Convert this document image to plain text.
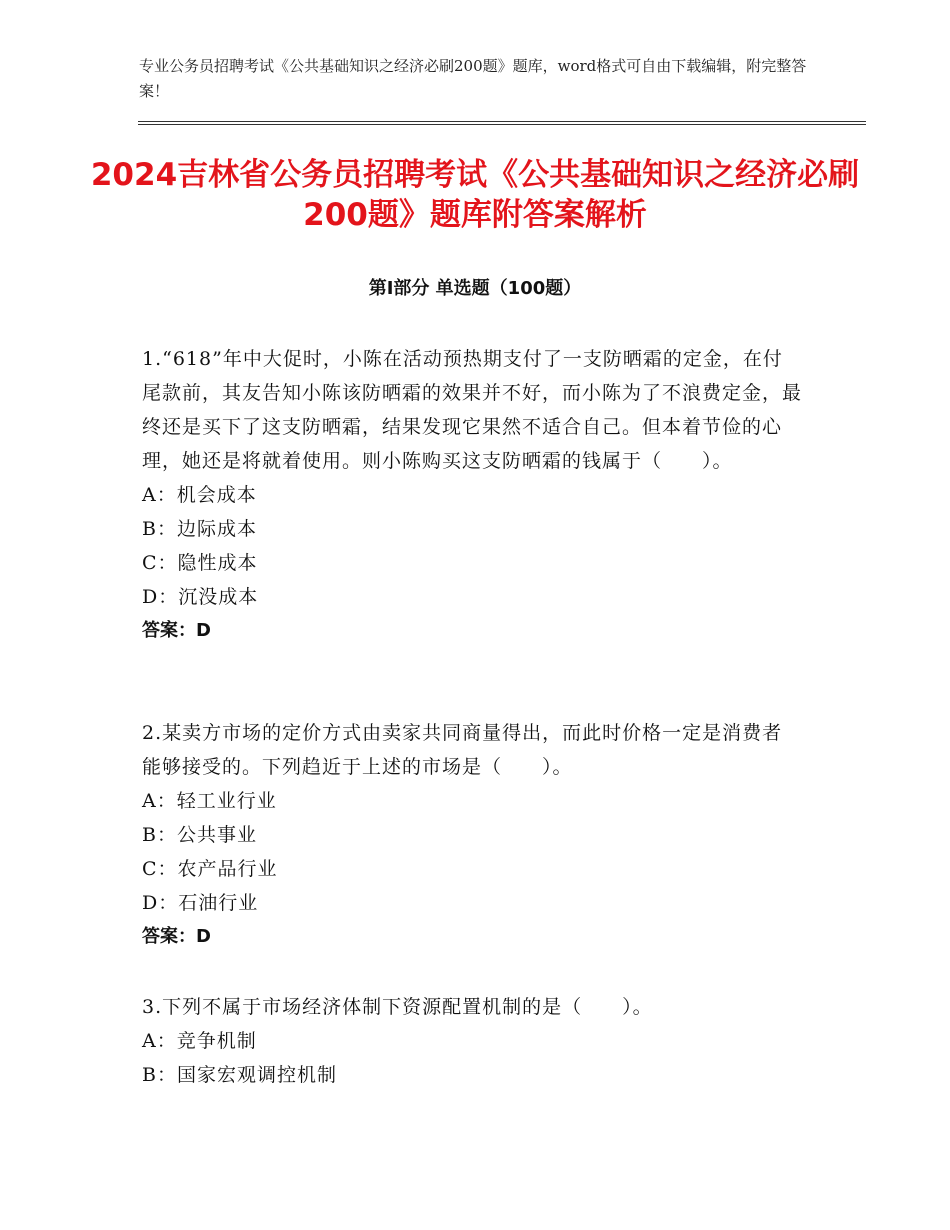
专业公务员招聘考试《公共基础知识之经济必刷200题》题库，word格式可自由下载编辑，附完整答案！
2024吉林省公务员招聘考试《公共基础知识之经济必刷200题》题库附答案解析
第Ⅰ部分 单选题（100题）
1.“618”年中大促时，小陈在活动预热期支付了一支防晒霜的定金，在付尾款前，其友告知小陈该防晒霜的效果并不好，而小陈为了不浪费定金，最终还是买下了这支防晒霜，结果发现它果然不适合自己。但本着节俭的心理，她还是将就着使用。则小陈购买这支防晒霜的钱属于（　　）。
A：机会成本
B：边际成本
C：隐性成本
D：沉没成本
答案：D
2.某卖方市场的定价方式由卖家共同商量得出，而此时价格一定是消费者能够接受的。下列趋近于上述的市场是（　　）。
A：轻工业行业
B：公共事业
C：农产品行业
D：石油行业
答案：D
3.下列不属于市场经济体制下资源配置机制的是（　　）。
A：竞争机制
B：国家宏观调控机制
